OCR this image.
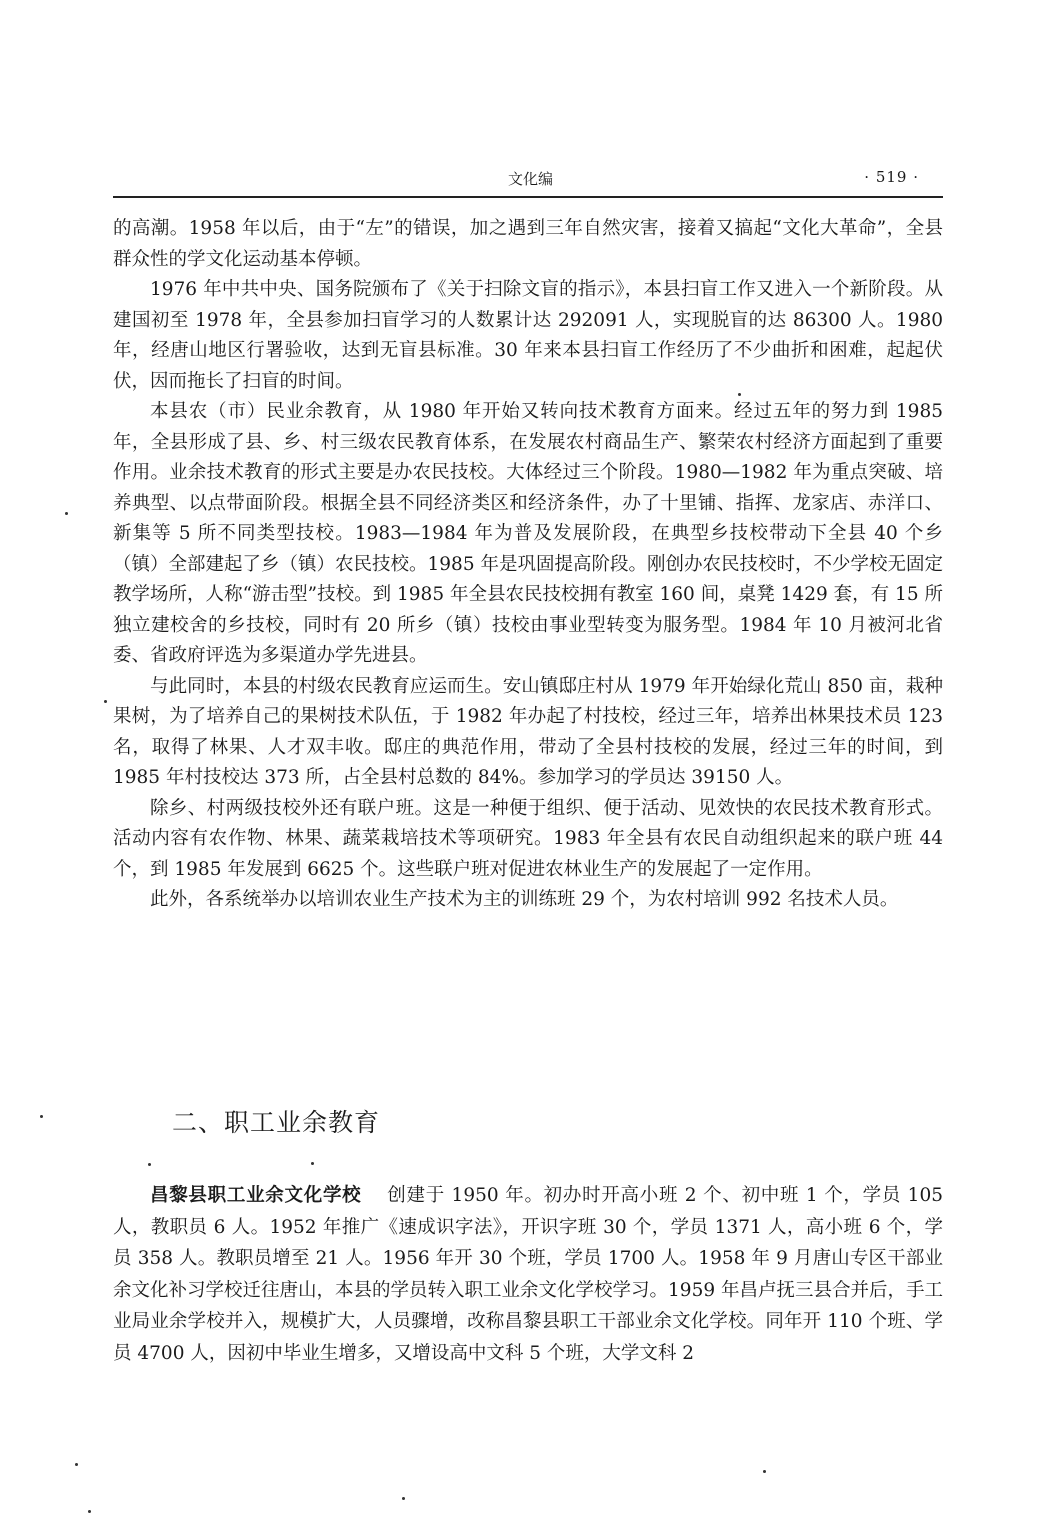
文化编	· 519 ·

的高潮。1958 年以后，由于“左”的错误，加之遇到三年自然灾害，接着又搞起“文化大革命”，全县群众性的学文化运动基本停顿。

1976 年中共中央、国务院颁布了《关于扫除文盲的指示》，本县扫盲工作又进入一个新阶段。从建国初至 1978 年，全县参加扫盲学习的人数累计达 292091 人，实现脱盲的达 86300 人。1980 年，经唐山地区行署验收，达到无盲县标准。30 年来本县扫盲工作经历了不少曲折和困难，起起伏伏，因而拖长了扫盲的时间。

本县农（市）民业余教育，从 1980 年开始又转向技术教育方面来。经过五年的努力到 1985 年，全县形成了县、乡、村三级农民教育体系，在发展农村商品生产、繁荣农村经济方面起到了重要作用。业余技术教育的形式主要是办农民技校。大体经过三个阶段。1980—1982 年为重点突破、培养典型、以点带面阶段。根据全县不同经济类区和经济条件，办了十里铺、指挥、龙家店、赤洋口、新集等 5 所不同类型技校。1983—1984 年为普及发展阶段，在典型乡技校带动下全县 40 个乡（镇）全部建起了乡（镇）农民技校。1985 年是巩固提高阶段。刚创办农民技校时，不少学校无固定教学场所，人称“游击型”技校。到 1985 年全县农民技校拥有教室 160 间，桌凳 1429 套，有 15 所独立建校舍的乡技校，同时有 20 所乡（镇）技校由事业型转变为服务型。1984 年 10 月被河北省委、省政府评选为多渠道办学先进县。

与此同时，本县的村级农民教育应运而生。安山镇邸庄村从 1979 年开始绿化荒山 850 亩，栽种果树，为了培养自己的果树技术队伍，于 1982 年办起了村技校，经过三年，培养出林果技术员 123 名，取得了林果、人才双丰收。邸庄的典范作用，带动了全县村技校的发展，经过三年的时间，到 1985 年村技校达 373 所，占全县村总数的 84%。参加学习的学员达 39150 人。

除乡、村两级技校外还有联户班。这是一种便于组织、便于活动、见效快的农民技术教育形式。活动内容有农作物、林果、蔬菜栽培技术等项研究。1983 年全县有农民自动组织起来的联户班 44 个，到 1985 年发展到 6625 个。这些联户班对促进农林业生产的发展起了一定作用。

此外，各系统举办以培训农业生产技术为主的训练班 29 个，为农村培训 992 名技术人员。

二、职工业余教育

昌黎县职工业余文化学校 创建于 1950 年。初办时开高小班 2 个、初中班 1 个，学员 105 人，教职员 6 人。1952 年推广《速成识字法》，开识字班 30 个，学员 1371 人，高小班 6 个，学员 358 人。教职员增至 21 人。1956 年开 30 个班，学员 1700 人。1958 年 9 月唐山专区干部业余文化补习学校迁往唐山，本县的学员转入职工业余文化学校学习。1959 年昌卢抚三县合并后，手工业局业余学校并入，规模扩大，人员骤增，改称昌黎县职工干部业余文化学校。同年开 110 个班、学员 4700 人，因初中毕业生增多，又增设高中文科 5 个班，大学文科 2
